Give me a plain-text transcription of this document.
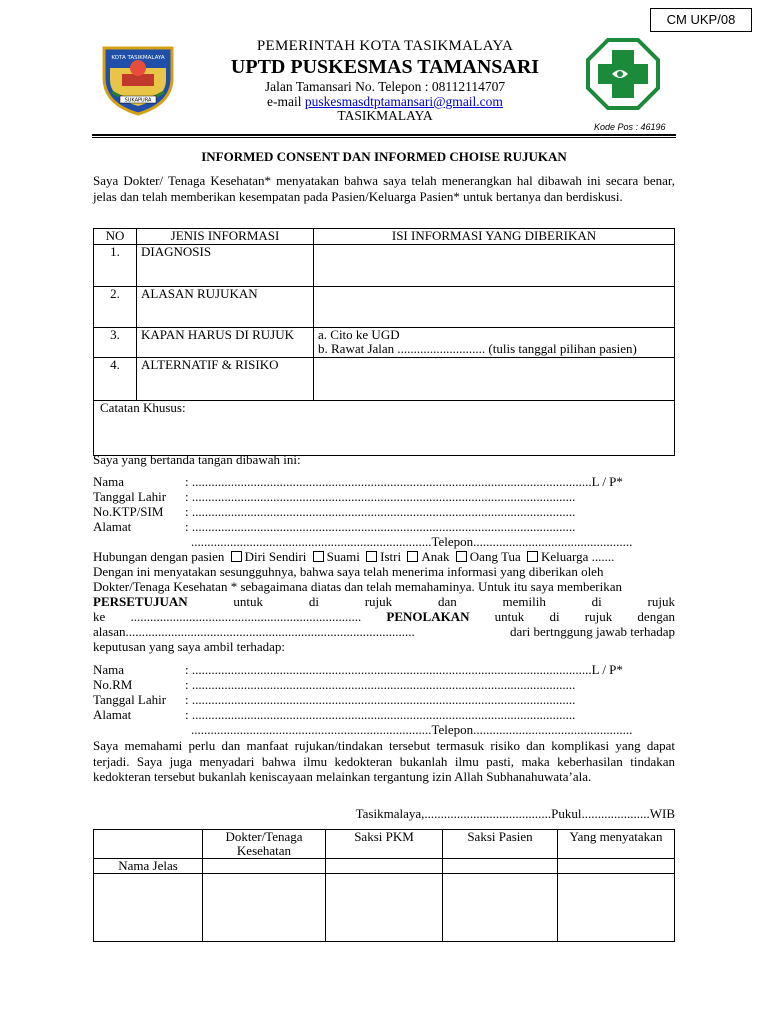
CM UKP/08
SUKAPURA
KOTA TASIKMALAYA
PEMERINTAH KOTA TASIKMALAYA
UPTD PUSKESMAS TAMANSARI
Jalan Tamansari No. Telepon : 08112114707
e-mail puskesmasdtptamansari@gmail.com
TASIKMALAYA
Kode Pos : 46196
INFORMED CONSENT DAN INFORMED CHOISE RUJUKAN
Saya Dokter/ Tenaga Kesehatan* menyatakan bahwa saya telah menerangkan hal dibawah ini secara benar, jelas dan telah memberikan kesempatan pada Pasien/Keluarga Pasien* untuk bertanya dan berdiskusi.
NO	JENIS INFORMASI	ISI INFORMASI YANG DIBERIKAN
1.	DIAGNOSIS	
2.	ALASAN RUJUKAN	
3.	KAPAN HARUS DI RUJUK	a. Cito ke UGD
b. Rawat Jalan ........................... (tulis tanggal pilihan pasien)

4.	ALTERNATIF & RISIKO	
Catatan Khusus:		
Saya yang bertanda tangan dibawah ini:
Nama	: ...........................................................................................................................L / P*
Tanggal Lahir : ......................................................................................................................
No.KTP/SIM : ......................................................................................................................
Alamat	: ......................................................................................................................
..........................................................................Telepon.................................................
Hubungan dengan pasien Diri Sendiri Suami Istri Anak Oang Tua Keluarga .......
Dengan ini menyatakan sesungguhnya, bahwa saya telah menerima informasi yang diberikan oleh
Dokter/Tenaga Kesehatan * sebagaimana diatas dan telah memahaminya. Untuk itu saya memberikan
PERSETUJUAN	untuk	di	rujuk	dan	memilih	di	rujuk
ke ....................................................................... PENOLAKAN untuk di rujuk dengan
alasan.........................................................................................	dari bertnggung jawab terhadap
keputusan yang saya ambil terhadap:
Nama	: ...........................................................................................................................L / P*
No.RM	: ......................................................................................................................
Tanggal Lahir : ......................................................................................................................
Alamat	: ......................................................................................................................
..........................................................................Telepon.................................................
Saya memahami perlu dan manfaat rujukan/tindakan tersebut termasuk risiko dan komplikasi yang dapat terjadi. Saya juga menyadari bahwa ilmu kedokteran bukanlah ilmu pasti, maka keberhasilan tindakan kedokteran tersebut bukanlah keniscayaan melainkan tergantung izin Allah Subhanahuwata’ala.
Tasikmalaya,.......................................Pukul.....................WIB
	Dokter/Tenaga Kesehatan	Saksi PKM	Saksi Pasien	Yang menyatakan
Nama Jelas				
